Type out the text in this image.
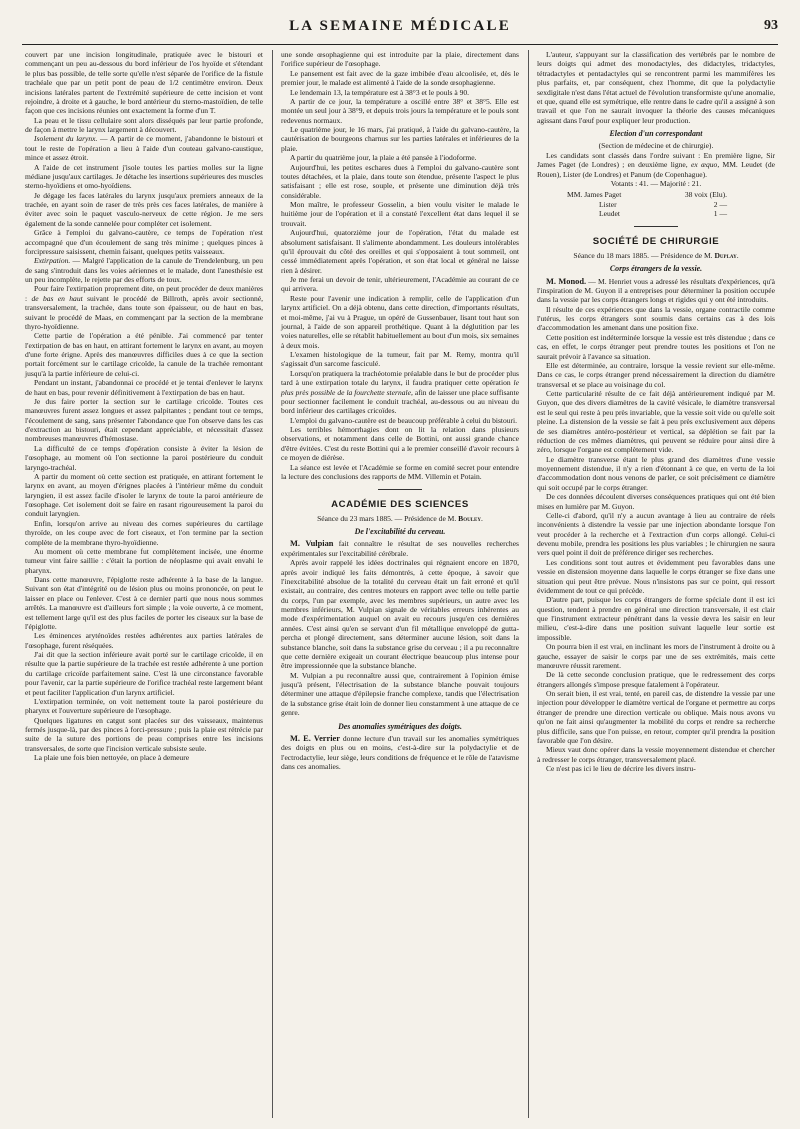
LA SEMAINE MÉDICALE	93

couvert par une incision longitudinale, pratiquée avec le bistouri et commençant un peu au-dessous du bord inférieur de l'os hyoïde et s'étendant le plus bas possible, de telle sorte qu'elle n'est séparée de l'orifice de la fistule trachéale que par un petit pont de peau de 1/2 centimètre environ. Deux incisions latérales partent de l'extrémité supérieure de cette incision et vont rejoindre, à droite et à gauche, le bord antérieur du sterno-mastoïdien, de telle façon que ces incisions réunies ont exactement la forme d'un T.

La peau et le tissu cellulaire sont alors disséqués par leur partie profonde, de façon à mettre le larynx largement à découvert.

Isolement du larynx. — A partir de ce moment, j'abandonne le bistouri et tout le reste de l'opération a lieu à l'aide d'un couteau galvano-caustique, mince et assez étroit.

A l'aide de cet instrument j'isole toutes les parties molles sur la ligne médiane jusqu'aux cartilages. Je détache les insertions supérieures des muscles sterno-hyoïdiens et omo-hyoïdiens.

Je dégage les faces latérales du larynx jusqu'aux premiers anneaux de la trachée, en ayant soin de raser de très près ces faces latérales, de manière à éviter avec soin le paquet vasculo-nerveux de cette région. Je me sers également de la sonde cannelée pour compléter cet isolement.

Grâce à l'emploi du galvano-cautère, ce temps de l'opération n'est accompagné que d'un écoulement de sang très minime ; quelques pinces à forcipressure saisissent, chemin faisant, quelques petits vaisseaux.

Extirpation. — Malgré l'application de la canule de Trendelenburg, un peu de sang s'introduit dans les voies aériennes et le malade, dont l'anesthésie est un peu incomplète, le rejette par des efforts de toux.

Pour faire l'extirpation proprement dite, on peut procéder de deux manières : de bas en haut suivant le procédé de Billroth, après avoir sectionné, transversalement, la trachée, dans toute son épaisseur, ou de haut en bas, suivant le procédé de Maas, en commençant par la section de la membrane thyro-hyoïdienne.

Cette partie de l'opération a été pénible. J'ai commencé par tenter l'extirpation de bas en haut, en attirant fortement le larynx en avant, au moyen d'une forte érigne. Après des manœuvres difficiles dues à ce que la section portait forcément sur le cartilage cricoïde, la canule de la trachée remontant jusqu'à la partie inférieure de celui-ci.

Pendant un instant, j'abandonnai ce procédé et je tentai d'enlever le larynx de haut en bas, pour revenir définitivement à l'extirpation de bas en haut.

Je dus faire porter la section sur le cartilage cricoïde. Toutes ces manœuvres furent assez longues et assez palpitantes ; pendant tout ce temps, l'écoulement de sang, sans présenter l'abondance que l'on observe dans les cas d'extraction au bistouri, était cependant appréciable, et nécessitait d'assez nombreuses manœuvres d'hémostase.

La difficulté de ce temps d'opération consiste à éviter la lésion de l'œsophage, au moment où l'on sectionne la paroi postérieure du conduit laryngo-trachéal.

A partir du moment où cette section est pratiquée, en attirant fortement le larynx en avant, au moyen d'érignes placées à l'intérieur même du conduit laryngien, il est assez facile d'isoler le larynx de toute la paroi antérieure de l'œsophage. Cet isolement doit se faire en rasant rigoureusement la paroi du conduit laryngien.

Enfin, lorsqu'on arrive au niveau des cornes supérieures du cartilage thyroïde, on les coupe avec de fort ciseaux, et l'on termine par la section complète de la membrane thyro-hyoïdienne.

Au moment où cette membrane fut complètement incisée, une énorme tumeur vint faire saillie : c'était la portion de néoplasme qui avait envahi le pharynx.

Dans cette manœuvre, l'épiglotte reste adhérente à la base de la langue. Suivant son état d'intégrité ou de lésion plus ou moins prononcée, on peut le laisser en place ou l'enlever. C'est à ce dernier parti que nous nous sommes arrêtés. La manœuvre est d'ailleurs fort simple ; la voie ouverte, à ce moment, est tellement large qu'il est des plus faciles de porter les ciseaux sur la base de l'épiglotte.

Les éminences aryténoïdes restées adhérentes aux parties latérales de l'œsophage, furent réséquées.

J'ai dit que la section inférieure avait porté sur le cartilage cricoïde, il en résulte que la partie supérieure de la trachée est restée adhérente à une portion du cartilage cricoïde parfaitement saine. C'est là une circonstance favorable pour l'avenir, car la partie supérieure de l'orifice trachéal reste largement béant et peut faciliter l'application d'un larynx artificiel.

L'extirpation terminée, on voit nettement toute la paroi postérieure du pharynx et l'ouverture supérieure de l'œsophage.

Quelques ligatures en catgut sont placées sur des vaisseaux, maintenus fermés jusque-là, par des pinces à forci-pressure ; puis la plaie est rétrécie par suite de la suture des portions de peau comprises entre les incisions transversales, de sorte que l'incision verticale subsiste seule.

La plaie une fois bien nettoyée, on place à demeure

une sonde œsophagienne qui est introduite par la plaie, directement dans l'orifice supérieur de l'œsophage.

Le pansement est fait avec de la gaze imbibée d'eau alcoolisée, et, dès le premier jour, le malade est alimenté à l'aide de la sonde œsophagienne.

Le lendemain 13, la température est à 38°3 et le pouls à 90.

A partir de ce jour, la température a oscillé entre 38° et 38°5. Elle est montée un seul jour à 38°9, et depuis trois jours la température et le pouls sont redevenus normaux.

Le quatrième jour, le 16 mars, j'ai pratiqué, à l'aide du galvano-cautère, la cautérisation de bourgeons charnus sur les parties latérales et inférieures de la plaie.

A partir du quatrième jour, la plaie a été pansée à l'iodoforme.

Aujourd'hui, les petites eschares dues à l'emploi du galvano-cautère sont toutes détachées, et la plaie, dans toute son étendue, présente l'aspect le plus satisfaisant ; elle est rose, souple, et présente une diminution déjà très considérable.

Mon maître, le professeur Gosselin, a bien voulu visiter le malade le huitième jour de l'opération et il a constaté l'excellent état dans lequel il se trouvait.

Aujourd'hui, quatorzième jour de l'opération, l'état du malade est absolument satisfaisant. Il s'alimente abondamment. Les douleurs intolérables qu'il éprouvait du côté des oreilles et qui s'opposaient à tout sommeil, ont cessé immédiatement après l'opération, et son état local et général ne laisse rien à désirer.

Je me ferai un devoir de tenir, ultérieurement, l'Académie au courant de ce qui arrivera.

Reste pour l'avenir une indication à remplir, celle de l'application d'un larynx artificiel. On a déjà obtenu, dans cette direction, d'importants résultats, et moi-même, j'ai vu à Prague, un opéré de Gussenbauer, lisant tout haut son journal, à l'aide de son appareil prothétique. Quant à la déglutition par les voies naturelles, elle se rétablit habituellement au bout d'un mois, six semaines à deux mois.

L'examen histologique de la tumeur, fait par M. Remy, montra qu'il s'agissait d'un sarcome fasciculé.

Lorsqu'on pratiquera la trachéotomie préalable dans le but de procéder plus tard à une extirpation totale du larynx, il faudra pratiquer cette opération le plus près possible de la fourchette sternale, afin de laisser une place suffisante pour sectionner facilement le conduit trachéal, au-dessous ou au niveau du bord inférieur des cartilages cricoïdes.

L'emploi du galvano-cautère est de beaucoup préférable à celui du bistouri.

Les terribles hémorrhagies dont on lit la relation dans plusieurs observations, et notamment dans celle de Bottini, ont aussi grande chance d'être évitées. C'est du reste Bottini qui a le premier conseillé d'avoir recours à ce moyen de diérèse.

La séance est levée et l'Académie se forme en comité secret pour entendre la lecture des conclusions des rapports de MM. Villemin et Potain.

ACADÉMIE DES SCIENCES

Séance du 23 mars 1885. — Présidence de M. Bouley.

De l'excitabilité du cerveau.

M. Vulpian fait connaître le résultat de ses nouvelles recherches expérimentales sur l'excitabilité cérébrale.

Après avoir rappelé les idées doctrinales qui régnaient encore en 1870, après avoir indiqué les faits démontrés, à cette époque, à savoir que l'inexcitabilité absolue de la totalité du cerveau était un fait erroné et qu'il existait, au contraire, des centres moteurs en rapport avec telle ou telle partie du corps, l'un par exemple, avec les membres supérieurs, un autre avec les membres inférieurs, M. Vulpian signale de véritables erreurs inhérentes au mode d'expérimentation auquel on avait eu recours jusqu'en ces dernières années. C'est ainsi qu'en se servant d'un fil métallique enveloppé de gutta-percha et plongé directement, sans déterminer aucune lésion, soit dans la substance blanche, soit dans la substance grise du cerveau ; il a pu reconnaître que cette dernière exigeait un courant électrique beaucoup plus intense pour être impressionnée que la substance blanche.

M. Vulpian a pu reconnaître aussi que, contrairement à l'opinion émise jusqu'à présent, l'électrisation de la substance blanche pouvait toujours déterminer une attaque d'épilepsie franche complexe, tandis que l'électrisation de la substance grise était loin de donner lieu constamment à une attaque de ce genre.

Des anomalies symétriques des doigts.

M. E. Verrier donne lecture d'un travail sur les anomalies symétriques des doigts en plus ou en moins, c'est-à-dire sur la polydactylie et de l'ectrodactylie, leur siège, leurs conditions de fréquence et le rôle de l'atavisme dans ces anomalies.

L'auteur, s'appuyant sur la classification des vertébrés par le nombre de leurs doigts qui admet des monodactyles, des didactyles, tridactyles, tétradactyles et pentadactyles qui se rencontrent parmi les mammifères les plus parfaits, et, par conséquent, chez l'homme, dit que la polydactylie sexdigitale n'est dans l'état actuel de l'évolution transformiste qu'une anomalie, et que, quand elle est symétrique, elle rentre dans le cadre qu'il a assigné à son travail et que l'on ne saurait invoquer la théorie des causes mécaniques agissant dans l'œuf pour expliquer leur production.

Election d'un correspondant

(Section de médecine et de chirurgie).

Les candidats sont classés dans l'ordre suivant : En première ligne, Sir James Paget (de Londres) ; en deuxième ligne, ex æquo, MM. Leudet (de Rouen), Lister (de Londres) et Panum (de Copenhague).

Votants : 41. — Majorité : 21.

MM. James Paget	38 voix (Elu).
Lister	2 —
Leudet	1 —
SOCIÉTÉ DE CHIRURGIE

Séance du 18 mars 1885. — Présidence de M. Duplay.

Corps étrangers de la vessie.

M. Monod. — M. Henriet vous a adressé les résultats d'expériences, qu'à l'inspiration de M. Guyon il a entreprises pour déterminer la position occupée dans la vessie par les corps étrangers longs et rigides qui y ont été introduits.

Il résulte de ces expériences que dans la vessie, organe contractile comme l'utérus, les corps étrangers sont soumis dans certains cas à des lois d'accommodation les amenant dans une position fixe.

Cette position est indéterminée lorsque la vessie est très distendue ; dans ce cas, en effet, le corps étranger peut prendre toutes les positions et l'on ne saurait prévoir à l'avance sa situation.

Elle est déterminée, au contraire, lorsque la vessie revient sur elle-même. Dans ce cas, le corps étranger prend nécessairement la direction du diamètre transversal et se place au voisinage du col.

Cette particularité résulte de ce fait déjà antérieurement indiqué par M. Guyon, que des divers diamètres de la cavité vésicale, le diamètre transversal est le seul qui reste à peu près invariable, que la vessie soit vide ou qu'elle soit pleine. La distension de la vessie se fait à peu près exclusivement aux dépens de ses diamètres antéro-postérieur et vertical, sa déplétion se fait par la réduction de ces mêmes diamètres, qui peuvent se réduire pour ainsi dire à zéro, lorsque l'organe est complètement vide.

Le diamètre transverse étant le plus grand des diamètres d'une vessie moyennement distendue, il n'y a rien d'étonnant à ce que, en vertu de la loi d'accommodation dont nous venons de parler, ce soit précisément ce diamètre qui soit occupé par le corps étranger.

De ces données découlent diverses conséquences pratiques qui ont été bien mises en lumière par M. Guyon.

Celle-ci d'abord, qu'il n'y a aucun avantage à lieu au contraire de réels inconvénients à distendre la vessie par une injection abondante lorsque l'on veut procéder à la recherche et à l'extraction d'un corps allongé. Celui-ci devenu mobile, prendra les positions les plus variables ; le chirurgien ne saura vers quel point il doit de préférence diriger ses recherches.

Les conditions sont tout autres et évidemment peu favorables dans une vessie en distension moyenne dans laquelle le corps étranger se fixe dans une situation qui peut être prévue. Nous n'insistons pas sur ce point, qui ressort évidemment de tout ce qui précède.

D'autre part, puisque les corps étrangers de forme spéciale dont il est ici question, tendent à prendre en général une direction transversale, il est clair que l'instrument extracteur pénétrant dans la vessie devra les saisir en leur milieu, c'est-à-dire dans une position suivant laquelle leur sortie est impossible.

On pourra bien il est vrai, en inclinant les mors de l'instrument à droite ou à gauche, essayer de saisir le corps par une de ses extrémités, mais cette manœuvre réussit rarement.

De là cette seconde conclusion pratique, que le redressement des corps étrangers allongés s'impose presque fatalement à l'opérateur.

On serait bien, il est vrai, tenté, en pareil cas, de distendre la vessie par une injection pour développer le diamètre vertical de l'organe et permettre au corps étranger de prendre une direction verticale ou oblique. Mais nous avons vu qu'on ne fait ainsi qu'augmenter la mobilité du corps et rendre sa recherche plus difficile, sans que l'on puisse, en retour, compter qu'il prendra la position favorable que l'on désire.

Mieux vaut donc opérer dans la vessie moyennement distendue et chercher à redresser le corps étranger, transversalement placé.

Ce n'est pas ici le lieu de décrire les divers instru-
